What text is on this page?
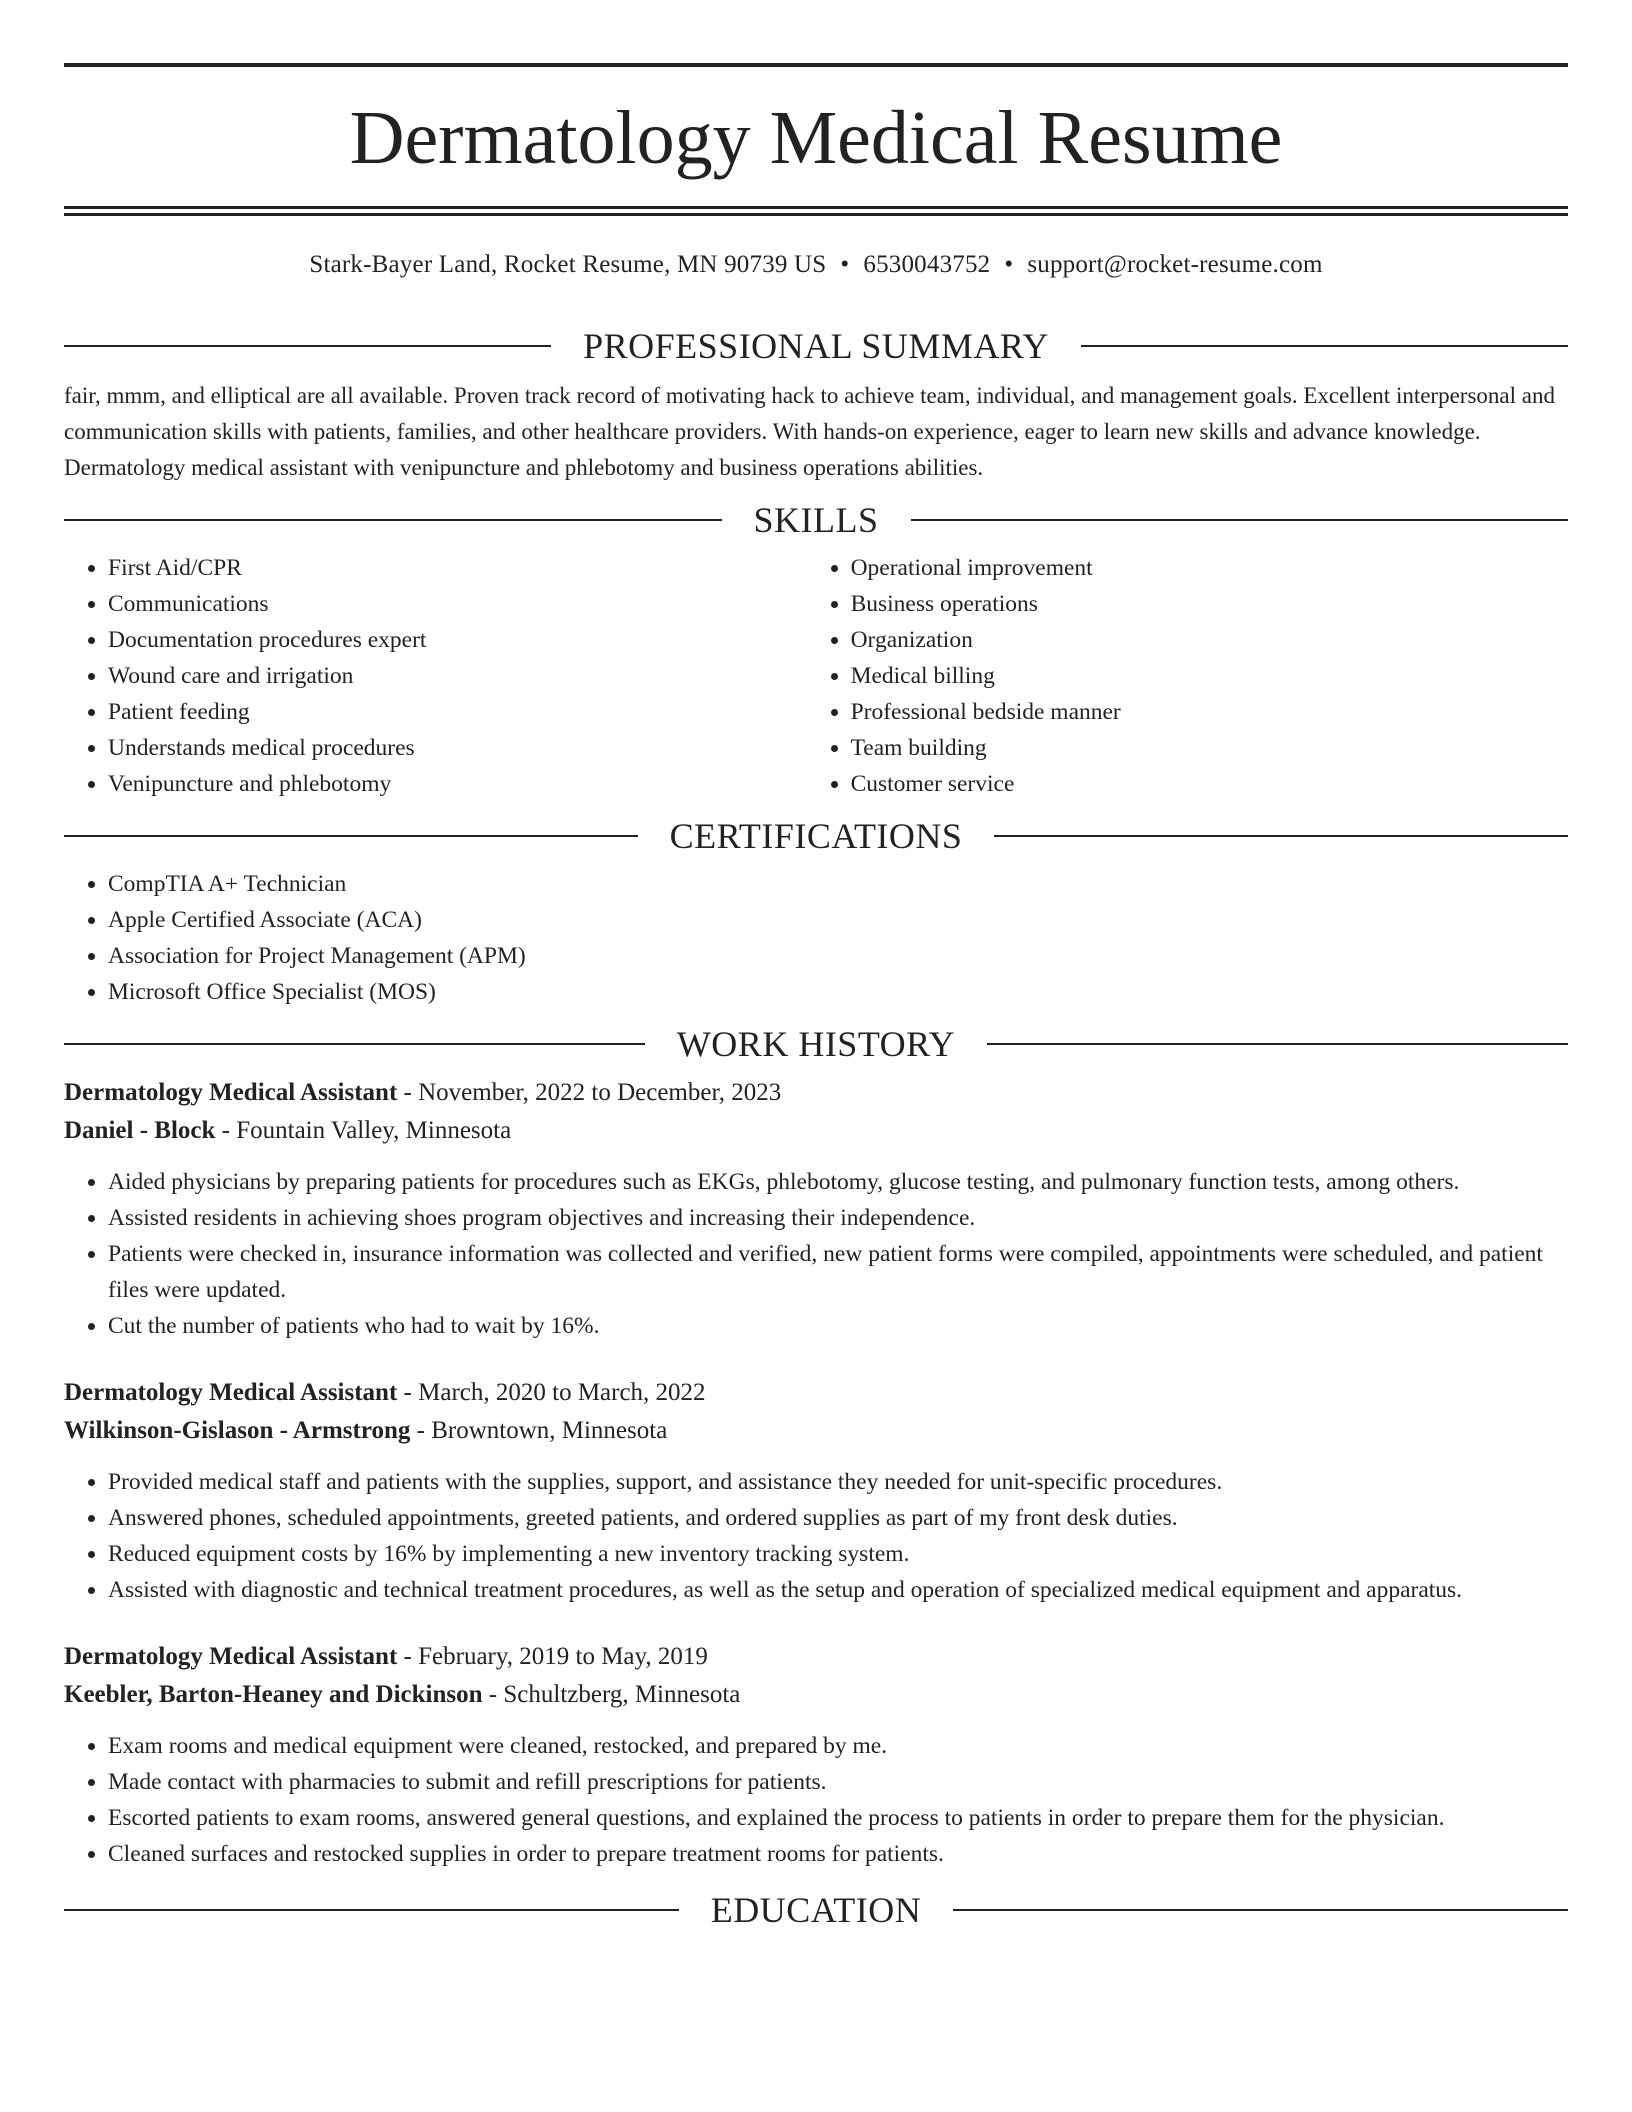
Dermatology Medical Resume
Stark-Bayer Land, Rocket Resume, MN 90739 US • 6530043752 • support@rocket-resume.com
PROFESSIONAL SUMMARY

fair, mmm, and elliptical are all available. Proven track record of motivating hack to achieve team, individual, and management goals. Excellent interpersonal and communication skills with patients, families, and other healthcare providers. With hands-on experience, eager to learn new skills and advance knowledge. Dermatology medical assistant with venipuncture and phlebotomy and business operations abilities.

SKILLS
• First Aid/CPR
• Communications
• Documentation procedures expert
• Wound care and irrigation
• Patient feeding
• Understands medical procedures
• Venipuncture and phlebotomy
• Operational improvement
• Business operations
• Organization
• Medical billing
• Professional bedside manner
• Team building
• Customer service
CERTIFICATIONS
• CompTIA A+ Technician
• Apple Certified Associate (ACA)
• Association for Project Management (APM)
• Microsoft Office Specialist (MOS)
WORK HISTORY
Dermatology Medical Assistant - November, 2022 to December, 2023
Daniel - Block - Fountain Valley, Minnesota
• Aided physicians by preparing patients for procedures such as EKGs, phlebotomy, glucose testing, and pulmonary function tests, among others.
• Assisted residents in achieving shoes program objectives and increasing their independence.
• Patients were checked in, insurance information was collected and verified, new patient forms were compiled, appointments were scheduled, and patient files were updated.
• Cut the number of patients who had to wait by 16%.
Dermatology Medical Assistant - March, 2020 to March, 2022
Wilkinson-Gislason - Armstrong - Browntown, Minnesota
• Provided medical staff and patients with the supplies, support, and assistance they needed for unit-specific procedures.
• Answered phones, scheduled appointments, greeted patients, and ordered supplies as part of my front desk duties.
• Reduced equipment costs by 16% by implementing a new inventory tracking system.
• Assisted with diagnostic and technical treatment procedures, as well as the setup and operation of specialized medical equipment and apparatus.
Dermatology Medical Assistant - February, 2019 to May, 2019
Keebler, Barton-Heaney and Dickinson - Schultzberg, Minnesota
• Exam rooms and medical equipment were cleaned, restocked, and prepared by me.
• Made contact with pharmacies to submit and refill prescriptions for patients.
• Escorted patients to exam rooms, answered general questions, and explained the process to patients in order to prepare them for the physician.
• Cleaned surfaces and restocked supplies in order to prepare treatment rooms for patients.
EDUCATION
